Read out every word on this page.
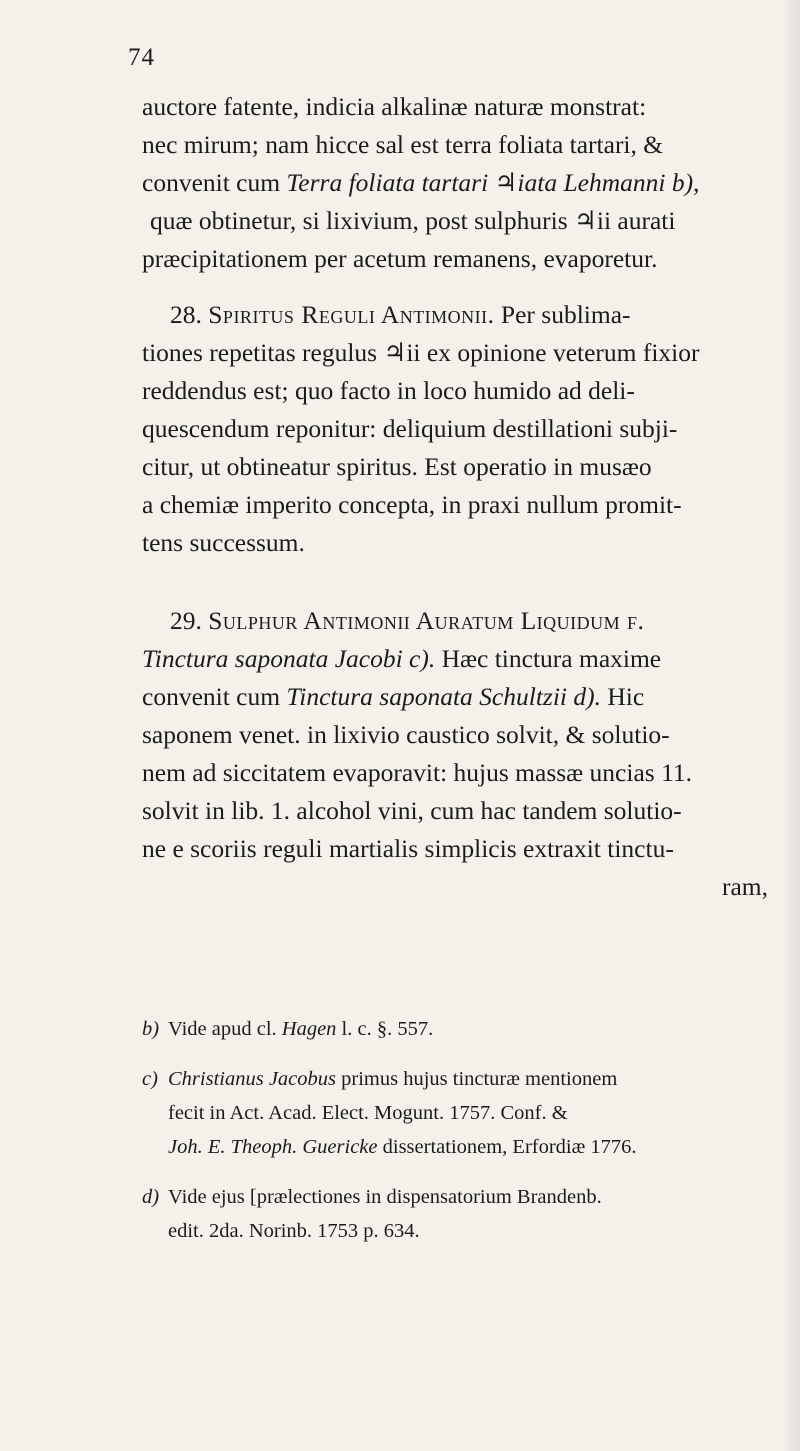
74
auctore fatente, indicia alkalinæ naturæ monstrat:
nec mirum; nam hicce sal est terra foliata tartari, &
convenit cum Terra foliata tartari ♃iata Lehmanni b),
quæ obtinetur, si lixivium, post sulphuris ♃ii aurati
præcipitationem per acetum remanens, evaporetur.
28. Spiritus Reguli Antimonii. Per sublima-
tiones repetitas regulus ♃ii ex opinione veterum fixior
reddendus est; quo facto in loco humido ad deli-
quescendum reponitur: deliquium destillationi subji-
citur, ut obtineatur spiritus. Est operatio in musæo
a chemiæ imperito concepta, in praxi nullum promit-
tens successum.
29. Sulphur Antimonii Auratum Liquidum f.
Tinctura saponata Jacobi c). Hæc tinctura maxime
convenit cum Tinctura saponata Schultzii d). Hic
saponem venet. in lixivio caustico solvit, & solutio-
nem ad siccitatem evaporavit: hujus massæ uncias 11.
solvit in lib. 1. alcohol vini, cum hac tandem solutio-
ne e scoriis reguli martialis simplicis extraxit tinctu-
ram,
b) Vide apud cl. Hagen l. c. §. 557.
c) Christianus Jacobus primus hujus tincturæ mentionem
fecit in Act. Acad. Elect. Mogunt. 1757. Conf. &
Joh. E. Theoph. Guericke dissertationem, Erfordiæ 1776.
d) Vide ejus [prælectiones in dispensatorium Brandenb.
edit. 2da. Norinb. 1753 p. 634.
